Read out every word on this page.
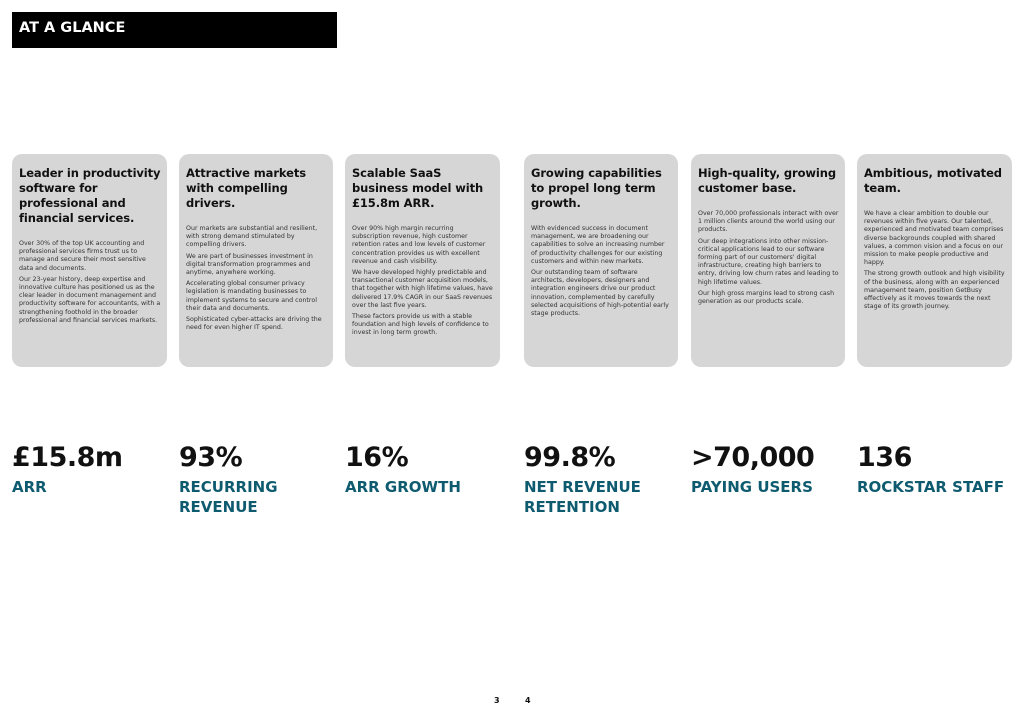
AT A GLANCE
Leader in productivity software for professional and financial services.

Over 30% of the top UK accounting and professional services firms trust us to manage and secure their most sensitive data and documents.

Our 23-year history, deep expertise and innovative culture has positioned us as the clear leader in document management and productivity software for accountants, with a strengthening foothold in the broader professional and financial services markets.

Attractive markets with compelling drivers.

Our markets are substantial and resilient, with strong demand stimulated by compelling drivers.

We are part of businesses investment in digital transformation programmes and anytime, anywhere working.

Accelerating global consumer privacy legislation is mandating businesses to implement systems to secure and control their data and documents.

Sophisticated cyber-attacks are driving the need for even higher IT spend.

Scalable SaaS business model with £15.8m ARR.

Over 90% high margin recurring subscription revenue, high customer retention rates and low levels of customer concentration provides us with excellent revenue and cash visibility.

We have developed highly predictable and transactional customer acquisition models, that together with high lifetime values, have delivered 17.9% CAGR in our SaaS revenues over the last five years.

These factors provide us with a stable foundation and high levels of confidence to invest in long term growth.

Growing capabilities to propel long term growth.

With evidenced success in document management, we are broadening our capabilities to solve an increasing number of productivity challenges for our existing customers and within new markets.

Our outstanding team of software architects, developers, designers and integration engineers drive our product innovation, complemented by carefully selected acquisitions of high-potential early stage products.

High-quality, growing customer base.

Over 70,000 professionals interact with over 1 million clients around the world using our products.

Our deep integrations into other mission-critical applications lead to our software forming part of our customers' digital infrastructure, creating high barriers to entry, driving low churn rates and leading to high lifetime values.

Our high gross margins lead to strong cash generation as our products scale.

Ambitious, motivated team.

We have a clear ambition to double our revenues within five years. Our talented, experienced and motivated team comprises diverse backgrounds coupled with shared values, a common vision and a focus on our mission to make people productive and happy.

The strong growth outlook and high visibility of the business, along with an experienced management team, position GetBusy effectively as it moves towards the next stage of its growth journey.

£15.8m
ARR
93%
RECURRING REVENUE
16%
ARR GROWTH
99.8%
NET REVENUE RETENTION
>70,000
PAYING USERS
136
ROCKSTAR STAFF
3	4
